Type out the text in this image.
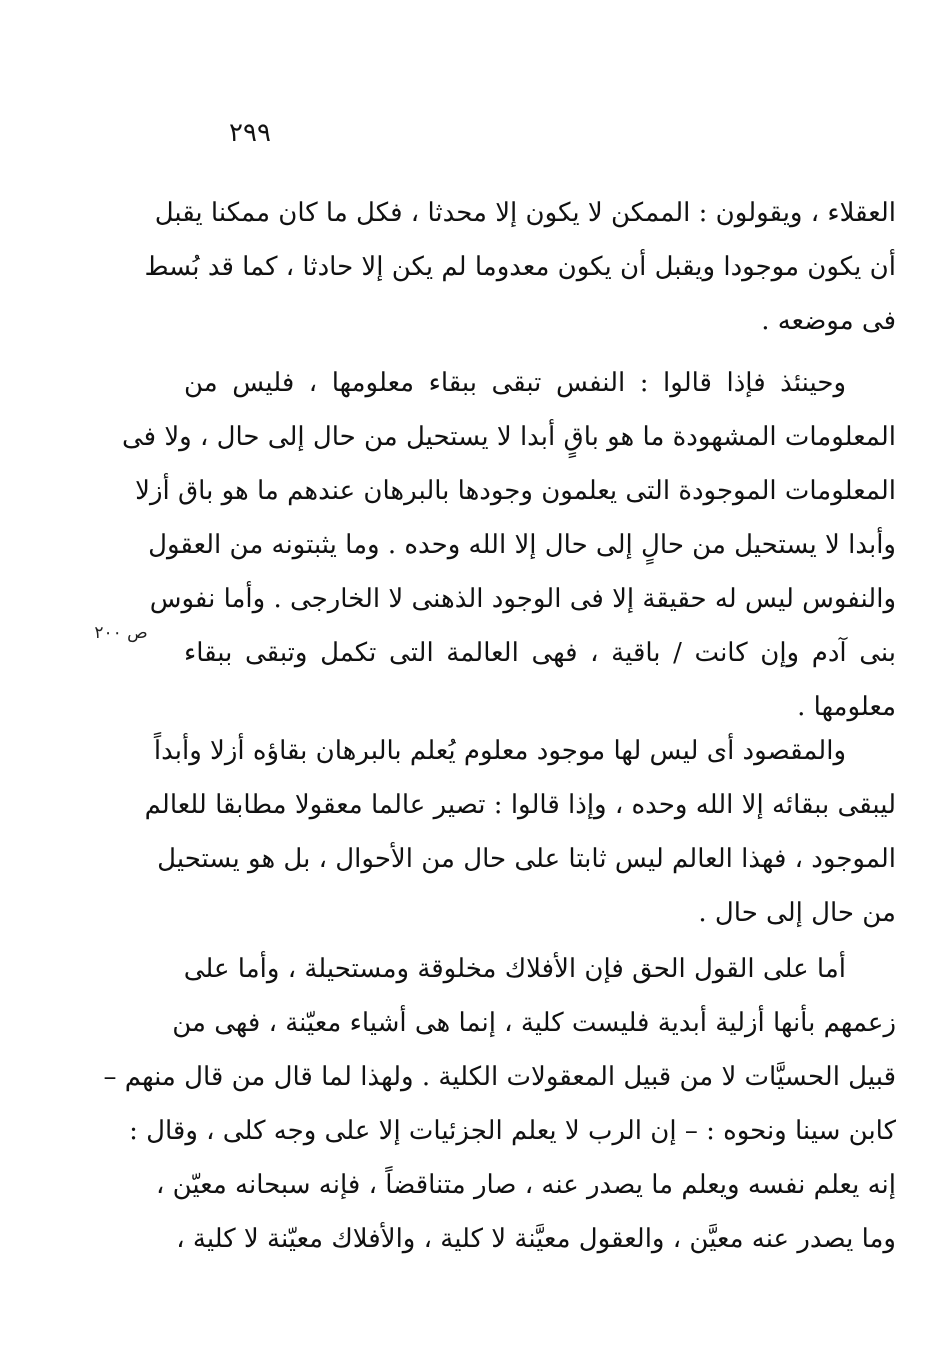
٢٩٩
ص ٢٠٠
العقلاء ، ويقولون : الممكن لا يكون إلا محدثا ، فكل ما كان ممكنا يقبل
أن يكون موجودا ويقبل أن يكون معدوما لم يكن إلا حادثا ، كما قد بُسط
فى موضعه .
وحينئذ فإذا قالوا : النفس تبقى ببقاء معلومها ، فليس من
المعلومات المشهودة ما هو باقٍ أبدا لا يستحيل من حال إلى حال ، ولا فى
المعلومات الموجودة التى يعلمون وجودها بالبرهان عندهم ما هو باق أزلا
وأبدا لا يستحيل من حالٍ إلى حال إلا الله وحده . وما يثبتونه من العقول
والنفوس ليس له حقيقة إلا فى الوجود الذهنى لا الخارجى . وأما نفوس
بنى آدم وإن كانت / باقية ، فهى العالمة التى تكمل وتبقى ببقاء
معلومها .
والمقصود أى ليس لها موجود معلوم يُعلم بالبرهان بقاؤه أزلا وأبداً
ليبقى ببقائه إلا الله وحده ، وإذا قالوا : تصير عالما معقولا مطابقا للعالم
الموجود ، فهذا العالم ليس ثابتا على حال من الأحوال ، بل هو يستحيل
من حال إلى حال .
أما على القول الحق فإن الأفلاك مخلوقة ومستحيلة ، وأما على
زعمهم بأنها أزلية أبدية فليست كلية ، إنما هى أشياء معيّنة ، فهى من
قبيل الحسيَّات لا من قبيل المعقولات الكلية . ولهذا لما قال من قال منهم –
كابن سينا ونحوه : – إن الرب لا يعلم الجزئيات إلا على وجه كلى ، وقال :
إنه يعلم نفسه ويعلم ما يصدر عنه ، صار متناقضاً ، فإنه سبحانه معيّن ،
وما يصدر عنه معيَّن ، والعقول معيَّنة لا كلية ، والأفلاك معيّنة لا كلية ،
